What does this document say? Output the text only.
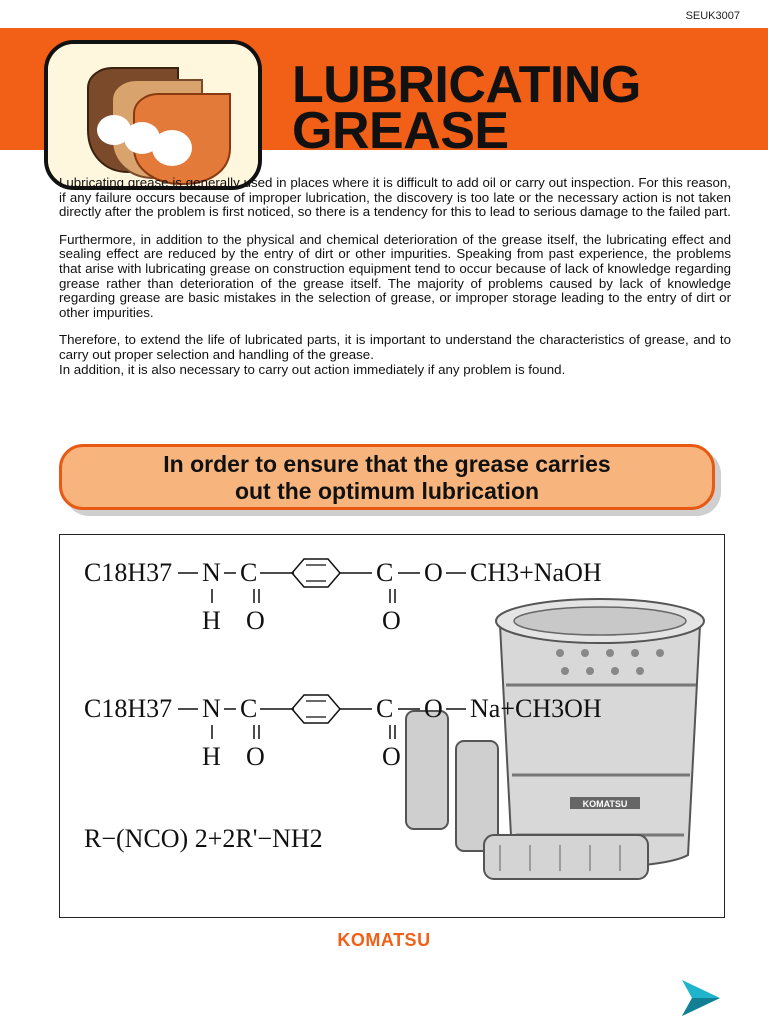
SEUK3007
LUBRICATING
GREASE

Lubricating grease is generally used in places where it is difficult to add oil or carry out inspection. For this reason, if any failure occurs because of improper lubrication, the discovery is too late or the necessary action is not taken directly after the problem is first noticed, so there is a tendency for this to lead to serious damage to the failed part.

Furthermore, in addition to the physical and chemical deterioration of the grease itself, the lubricating effect and sealing effect are reduced by the entry of dirt or other impurities. Speaking from past experience, the problems that arise with lubricating grease on construction equipment tend to occur because of lack of knowledge regarding grease rather than deterioration of the grease itself. The majority of problems caused by lack of knowledge regarding grease are basic mistakes in the selection of grease, or improper storage leading to the entry of dirt or other impurities.

Therefore, to extend the life of lubricated parts, it is important to understand the characteristics of grease, and to carry out proper selection and handling of the grease.

In addition, it is also necessary to carry out action immediately if any problem is found.

In order to ensure that the grease carries
out the optimum lubrication
KOMATSU
C18H37 N C
H O
C
O
O CH3+NaOH
C18H37 N C
H O
C
O
O Na+CH3OH
R−(NCO) 2+2R'−NH2
KOMATSU
